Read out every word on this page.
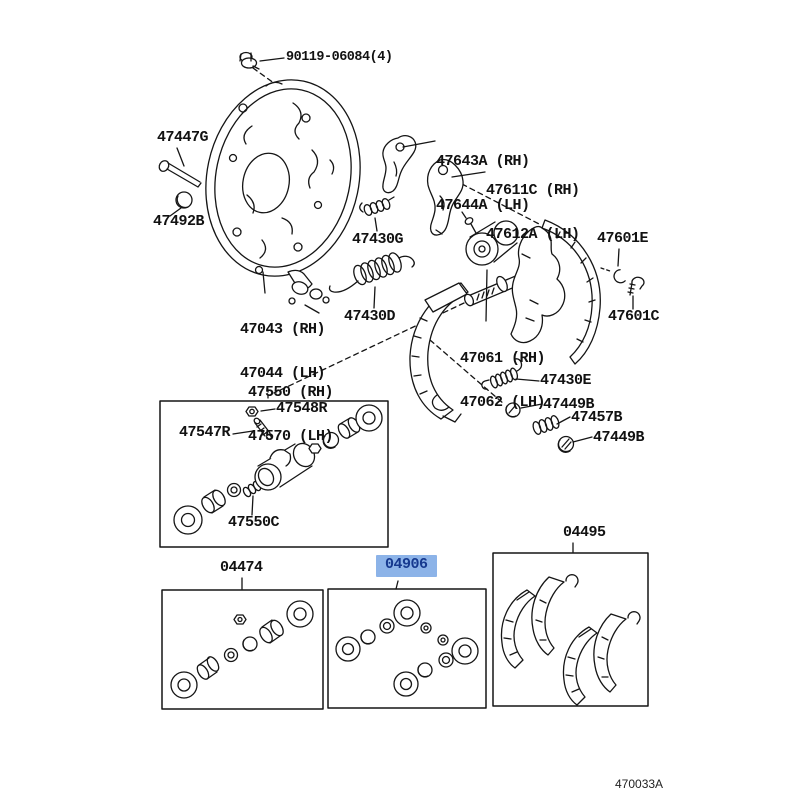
90119-06084(4)
47447G
47492B

47043 (RH)

47044 (LH)

47430G
47430D

47643A (RH)

47644A (LH)

47611C (RH)

47612A (LH) 47601E
47601C

47061 (RH)

47062 (LH)

47430E
47449B
47457B
47449B

47550 (RH)

47570 (LH)

47548R
47547R
47550C
04474	04906
04495
470033A
